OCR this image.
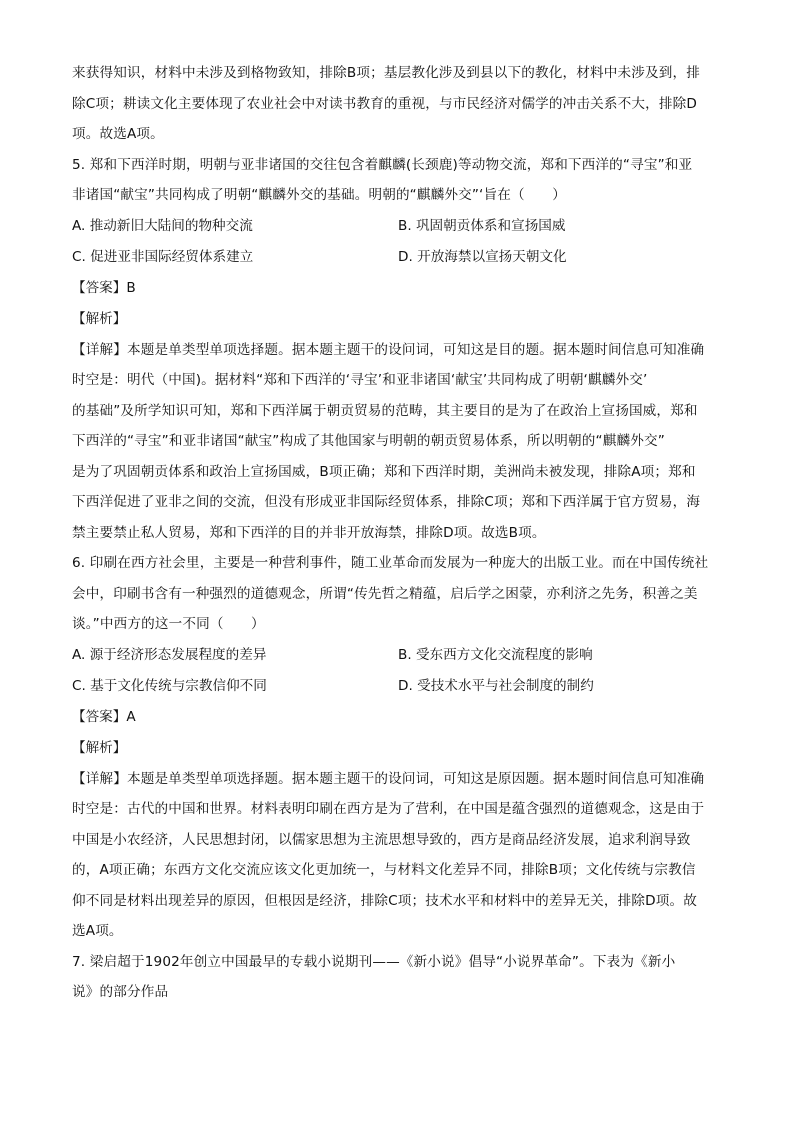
来获得知识，材料中未涉及到格物致知，排除B项；基层教化涉及到县以下的教化，材料中未涉及到，排
除C项；耕读文化主要体现了农业社会中对读书教育的重视，与市民经济对儒学的冲击关系不大，排除D
项。故选A项。
5. 郑和下西洋时期，明朝与亚非诸国的交往包含着麒麟(长颈鹿)等动物交流，郑和下西洋的“寻宝”和亚
非诸国“献宝”共同构成了明朝“麒麟外交的基础。明朝的“麒麟外交”‘旨在（　　）
A. 推动新旧大陆间的物种交流	B. 巩固朝贡体系和宣扬国威
C. 促进亚非国际经贸体系建立	D. 开放海禁以宣扬天朝文化
【答案】B
【解析】
【详解】本题是单类型单项选择题。据本题主题干的设问词，可知这是目的题。据本题时间信息可知准确
时空是：明代（中国)。据材料“郑和下西洋的‘寻宝’和亚非诸国‘献宝’共同构成了明朝‘麒麟外交’
的基础”及所学知识可知，郑和下西洋属于朝贡贸易的范畴，其主要目的是为了在政治上宣扬国威，郑和
下西洋的“寻宝”和亚非诸国“献宝”构成了其他国家与明朝的朝贡贸易体系，所以明朝的“麒麟外交”
是为了巩固朝贡体系和政治上宣扬国威，B项正确；郑和下西洋时期，美洲尚未被发现，排除A项；郑和
下西洋促进了亚非之间的交流，但没有形成亚非国际经贸体系，排除C项；郑和下西洋属于官方贸易，海
禁主要禁止私人贸易，郑和下西洋的目的并非开放海禁，排除D项。故选B项。
6. 印刷在西方社会里，主要是一种营利事件，随工业革命而发展为一种庞大的出版工业。而在中国传统社
会中，印刷书含有一种强烈的道德观念，所谓“传先哲之精蕴，启后学之困蒙，亦利济之先务，积善之美
谈。”中西方的这一不同（　　）
A. 源于经济形态发展程度的差异	B. 受东西方文化交流程度的影响
C. 基于文化传统与宗教信仰不同	D. 受技术水平与社会制度的制约
【答案】A
【解析】
【详解】本题是单类型单项选择题。据本题主题干的设问词，可知这是原因题。据本题时间信息可知准确
时空是：古代的中国和世界。材料表明印刷在西方是为了营利，在中国是蕴含强烈的道德观念，这是由于
中国是小农经济，人民思想封闭，以儒家思想为主流思想导致的，西方是商品经济发展，追求利润导致
的，A项正确；东西方文化交流应该文化更加统一，与材料文化差异不同，排除B项；文化传统与宗教信
仰不同是材料出现差异的原因，但根因是经济，排除C项；技术水平和材料中的差异无关，排除D项。故
选A项。
7. 梁启超于1902年创立中国最早的专载小说期刊——《新小说》倡导“小说界革命”。下表为《新小
说》的部分作品
